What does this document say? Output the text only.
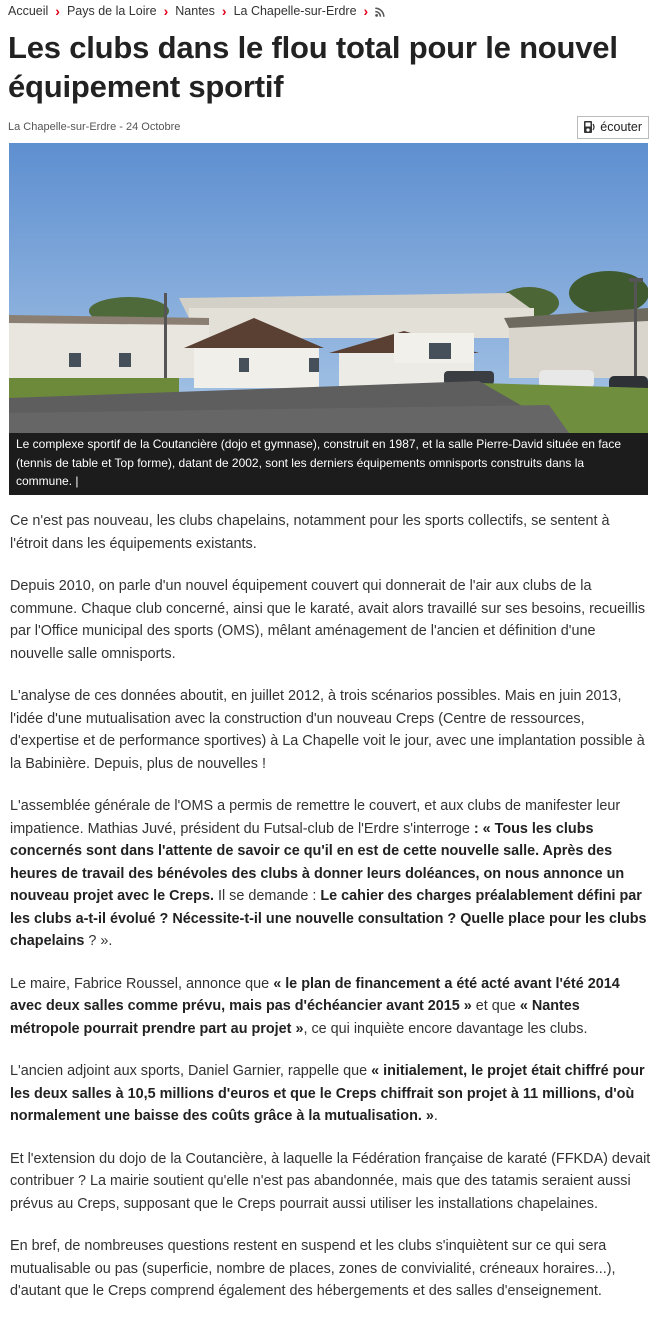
Accueil › Pays de la Loire › Nantes › La Chapelle-sur-Erdre ›
Les clubs dans le flou total pour le nouvel équipement sportif
La Chapelle-sur-Erdre - 24 Octobre	écouter
Le complexe sportif de la Coutancière (dojo et gymnase), construit en 1987, et la salle Pierre-David située en face (tennis de table et Top forme), datant de 2002, sont les derniers équipements omnisports construits dans la commune. |

Ce n'est pas nouveau, les clubs chapelains, notamment pour les sports collectifs, se sentent à l'étroit dans les équipements existants.

Depuis 2010, on parle d'un nouvel équipement couvert qui donnerait de l'air aux clubs de la commune. Chaque club concerné, ainsi que le karaté, avait alors travaillé sur ses besoins, recueillis par l'Office municipal des sports (OMS), mêlant aménagement de l'ancien et définition d'une nouvelle salle omnisports.

L'analyse de ces données aboutit, en juillet 2012, à trois scénarios possibles. Mais en juin 2013, l'idée d'une mutualisation avec la construction d'un nouveau Creps (Centre de ressources, d'expertise et de performance sportives) à La Chapelle voit le jour, avec une implantation possible à la Babinière. Depuis, plus de nouvelles !

L'assemblée générale de l'OMS a permis de remettre le couvert, et aux clubs de manifester leur impatience. Mathias Juvé, président du Futsal-club de l'Erdre s'interroge : « Tous les clubs concernés sont dans l'attente de savoir ce qu'il en est de cette nouvelle salle. Après des heures de travail des bénévoles des clubs à donner leurs doléances, on nous annonce un nouveau projet avec le Creps. Il se demande : Le cahier des charges préalablement défini par les clubs a-t-il évolué ? Nécessite-t-il une nouvelle consultation ? Quelle place pour les clubs chapelains ? ».

Le maire, Fabrice Roussel, annonce que « le plan de financement a été acté avant l'été 2014 avec deux salles comme prévu, mais pas d'échéancier avant 2015 » et que « Nantes métropole pourrait prendre part au projet », ce qui inquiète encore davantage les clubs.

L'ancien adjoint aux sports, Daniel Garnier, rappelle que « initialement, le projet était chiffré pour les deux salles à 10,5 millions d'euros et que le Creps chiffrait son projet à 11 millions, d'où normalement une baisse des coûts grâce à la mutualisation. ».

Et l'extension du dojo de la Coutancière, à laquelle la Fédération française de karaté (FFKDA) devait contribuer ? La mairie soutient qu'elle n'est pas abandonnée, mais que des tatamis seraient aussi prévus au Creps, supposant que le Creps pourrait aussi utiliser les installations chapelaines.

En bref, de nombreuses questions restent en suspend et les clubs s'inquiètent sur ce qui sera mutualisable ou pas (superficie, nombre de places, zones de convivialité, créneaux horaires...), d'autant que le Creps comprend également des hébergements et des salles d'enseignement.
